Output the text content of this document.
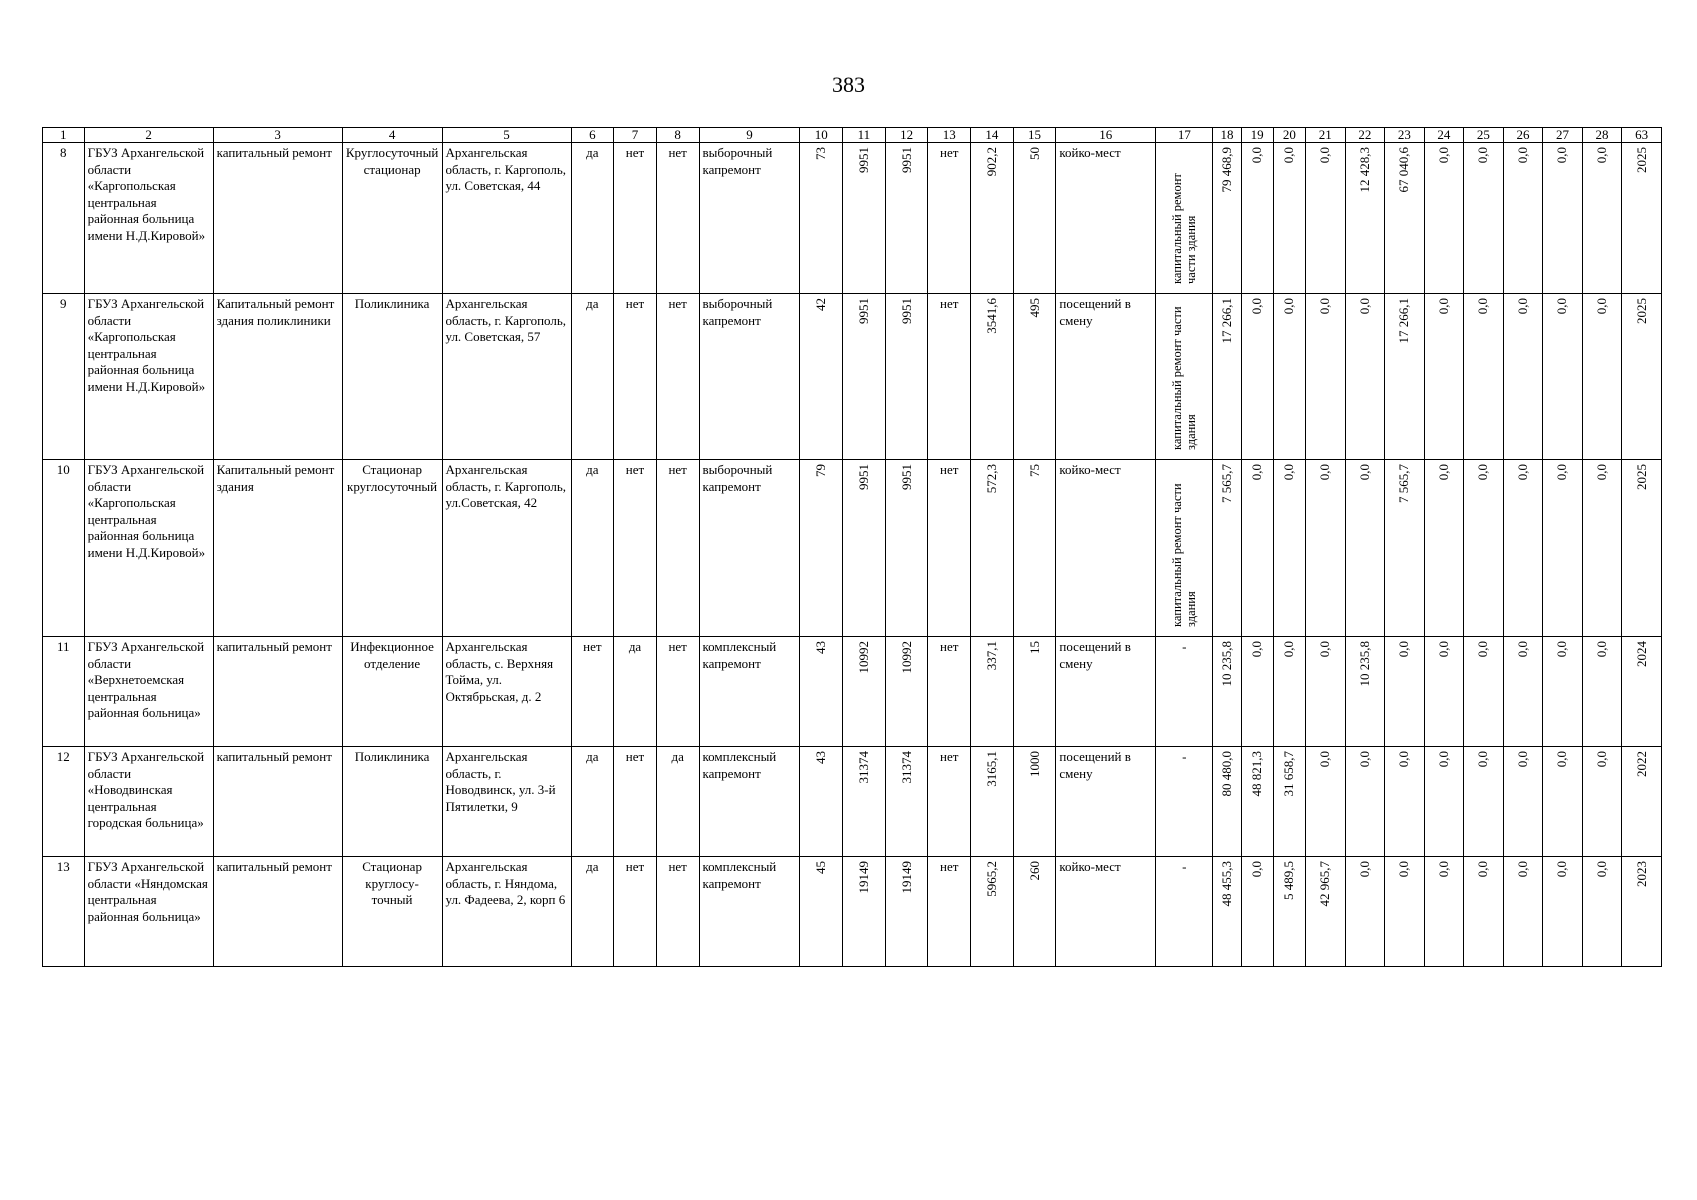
383
1	2	3	4	5	6	7	8	9	10	11	12	13	14	15	16	17	18	19	20	21	22	23	24	25	26	27	28	63
8	ГБУЗ Архангельской области «Каргопольская центральная районная больница имени Н.Д.Кировой»	капитальный ремонт	Круглосуточный стационар	Архангельская область, г. Каргополь, ул. Советская, 44	да	нет	нет	выборочный капремонт	73	9951	9951	нет	902,2	50	койко-мест	капитальный ремонт части здания	79 468,9	0,0	0,0	0,0	12 428,3	67 040,6	0,0	0,0	0,0	0,0	0,0	2025
9	ГБУЗ Архангельской области «Каргопольская центральная районная больница имени Н.Д.Кировой»	Капитальный ремонт здания поликлиники	Поликлиника	Архангельская область, г. Каргополь, ул. Советская, 57	да	нет	нет	выборочный капремонт	42	9951	9951	нет	3541,6	495	посещений в смену	капитальный ремонт части здания	17 266,1	0,0	0,0	0,0	0,0	17 266,1	0,0	0,0	0,0	0,0	0,0	2025
10	ГБУЗ Архангельской области «Каргопольская центральная районная больница имени Н.Д.Кировой»	Капитальный ремонт здания	Стационар круглосуточный	Архангельская область, г. Каргополь, ул.Советская, 42	да	нет	нет	выборочный капремонт	79	9951	9951	нет	572,3	75	койко-мест	капитальный ремонт части здания	7 565,7	0,0	0,0	0,0	0,0	7 565,7	0,0	0,0	0,0	0,0	0,0	2025
11	ГБУЗ Архангельской области «Верхнетоемская центральная районная больница»	капитальный ремонт	Инфекционное отделение	Архангельская область, с. Верхняя Тойма, ул. Октябрьская, д. 2	нет	да	нет	комплексный капремонт	43	10992	10992	нет	337,1	15	посещений в смену	-	10 235,8	0,0	0,0	0,0	10 235,8	0,0	0,0	0,0	0,0	0,0	0,0	2024
12	ГБУЗ Архангельской области «Новодвинская центральная городская больница»	капитальный ремонт	Поликлиника	Архангельская область, г. Новодвинск, ул. 3-й Пятилетки, 9	да	нет	да	комплексный капремонт	43	31374	31374	нет	3165,1	1000	посещений в смену	-	80 480,0	48 821,3	31 658,7	0,0	0,0	0,0	0,0	0,0	0,0	0,0	0,0	2022
13	ГБУЗ Архангельской области «Няндомская центральная районная больница»	капитальный ремонт	Стационар круглосу-точный	Архангельская область, г. Няндома, ул. Фадеева, 2, корп 6	да	нет	нет	комплексный капремонт	45	19149	19149	нет	5965,2	260	койко-мест	-	48 455,3	0,0	5 489,5	42 965,7	0,0	0,0	0,0	0,0	0,0	0,0	0,0	2023
